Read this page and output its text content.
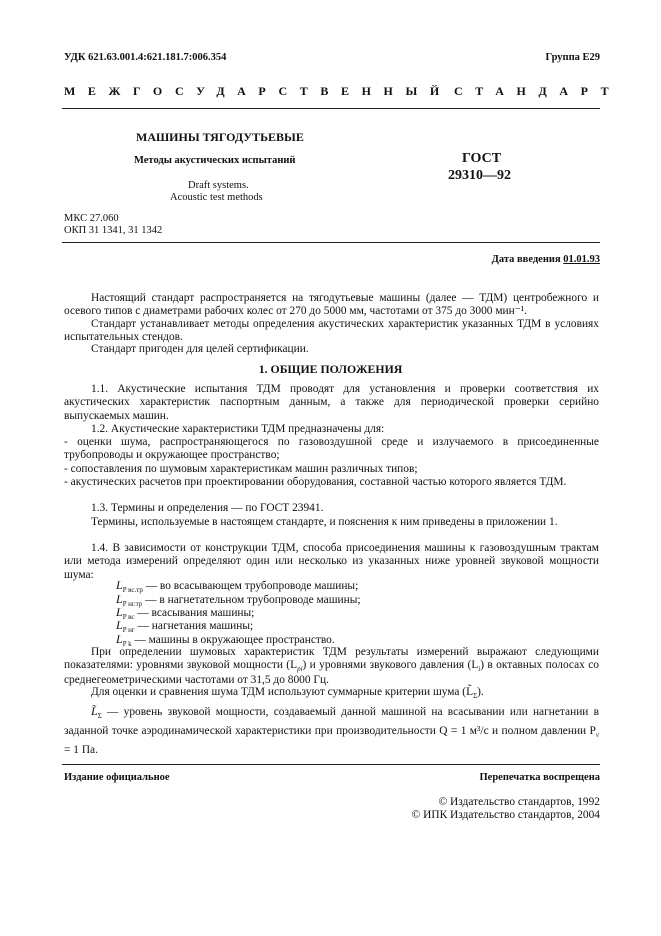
УДК 621.63.001.4:621.181.7:006.354	Группа Е29
МЕЖГОСУДАРСТВЕННЫЙ СТАНДАРТ
МАШИНЫ ТЯГОДУТЬЕВЫЕ
Методы акустических испытаний
Draft systems.
Acoustic test methods
ГОСТ
29310—92
МКС 27.060
ОКП 31 1341, 31 1342
Дата введения 01.01.93
Настоящий стандарт распространяется на тягодутьевые машины (далее — ТДМ) центробежного и осевого типов с диаметрами рабочих колес от 270 до 5000 мм, частотами от 375 до 3000 мин⁻¹.
Стандарт устанавливает методы определения акустических характеристик указанных ТДМ в условиях испытательных стендов.
Стандарт пригоден для целей сертификации.
1. ОБЩИЕ ПОЛОЖЕНИЯ
1.1. Акустические испытания ТДМ проводят для установления и проверки соответствия их акустических характеристик паспортным данным, а также для периодической проверки серийно выпускаемых машин.
1.2. Акустические характеристики ТДМ предназначены для:
- оценки шума, распространяющегося по газовоздушной среде и излучаемого в присоединенные трубопроводы и окружающее пространство;
- сопоставления по шумовым характеристикам машин различных типов;
- акустических расчетов при проектировании оборудования, составной частью которого является ТДМ.
1.3. Термины и определения — по ГОСТ 23941.
Термины, используемые в настоящем стандарте, и пояснения к ним приведены в приложении 1.
1.4. В зависимости от конструкции ТДМ, способа присоединения машины к газовоздушным трактам или метода измерений определяют один или несколько из указанных ниже уровней звуковой мощности шума:
$L_{P вс.тр}$ — во всасывающем трубопроводе машины;
$L_{P нг.тр}$ — в нагнетательном трубопроводе машины;
$L_{P вс}$ — всасывания машины;
$L_{P нг}$ — нагнетания машины;
$L_{P k}$ — машины в окружающее пространство.
При определении шумовых характеристик ТДМ результаты измерений выражают следующими показателями: уровнями звуковой мощности $(L_{pi})$ и уровнями звукового давления $(L_i)$ в октавных полосах со среднегеометрическими частотами от 31,5 до 8000 Гц.
Для оценки и сравнения шума ТДМ используют суммарные критерии шума $(L̃_\Sigma)$.
$L̃_\Sigma$ — уровень звуковой мощности, создаваемый данной машиной на всасывании или нагнетании в заданной точке аэродинамической характеристики при производительности Q = 1 м³/с и полном давлении $P_v = 1$ Па.
Издание официальное	Перепечатка воспрещена
© Издательство стандартов, 1992
© ИПК Издательство стандартов, 2004
